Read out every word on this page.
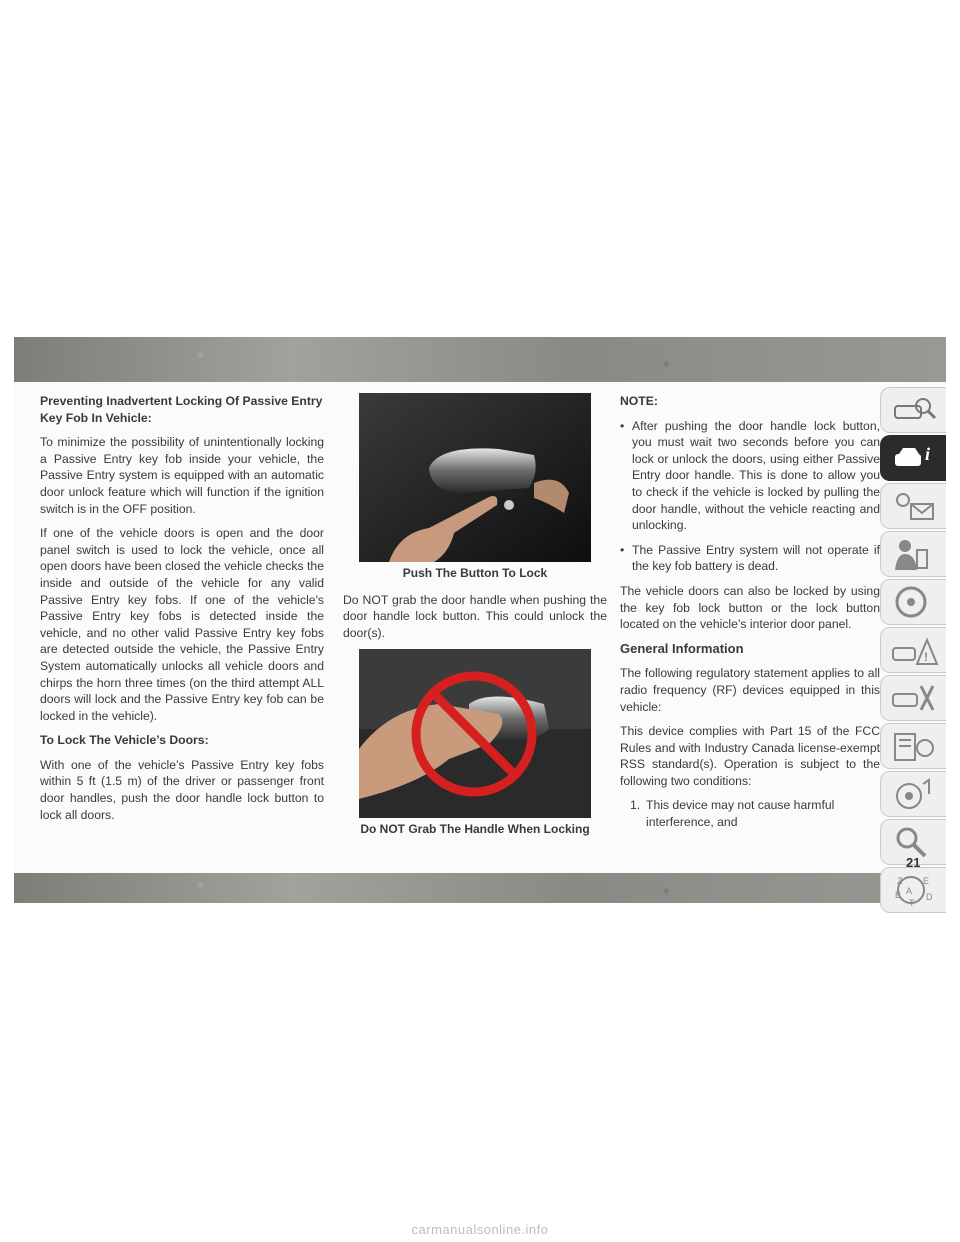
Preventing Inadvertent Locking Of Passive Entry Key Fob In Vehicle:

To minimize the possibility of unintentionally locking a Passive Entry key fob inside your vehicle, the Passive Entry system is equipped with an automatic door unlock feature which will function if the ignition switch is in the OFF position.

If one of the vehicle doors is open and the door panel switch is used to lock the vehicle, once all open doors have been closed the vehicle checks the inside and outside of the vehicle for any valid Passive Entry key fobs. If one of the vehicle's Passive Entry key fobs is detected inside the vehicle, and no other valid Passive Entry key fobs are detected outside the vehicle, the Passive Entry System automatically unlocks all vehicle doors and chirps the horn three times (on the third attempt ALL doors will lock and the Passive Entry key fob can be locked in the vehicle).

To Lock The Vehicle’s Doors:

With one of the vehicle’s Passive Entry key fobs within 5 ft (1.5 m) of the driver or passenger front door handles, push the door handle lock button to lock all doors.

Push The Button To Lock

Do NOT grab the door handle when pushing the door handle lock button. This could unlock the door(s).

Do NOT Grab The Handle When Locking
NOTE:
• After pushing the door handle lock button, you must wait two seconds before you can lock or unlock the doors, using either Passive Entry door handle. This is done to allow you to check if the vehicle is locked by pulling the door handle, without the vehicle reacting and unlocking.
• The Passive Entry system will not operate if the key fob battery is dead.

The vehicle doors can also be locked by using the key fob lock button or the lock button located on the vehicle’s interior door panel.

General Information

The following regulatory statement applies to all radio frequency (RF) devices equipped in this vehicle:

This device complies with Part 15 of the FCC Rules and with Industry Canada license-exempt RSS standard(s). Operation is subject to the following two conditions:

1. This device may not cause harmful interference, and
i
!
Z E
A
B	D
T
21
carmanualsonline.info
